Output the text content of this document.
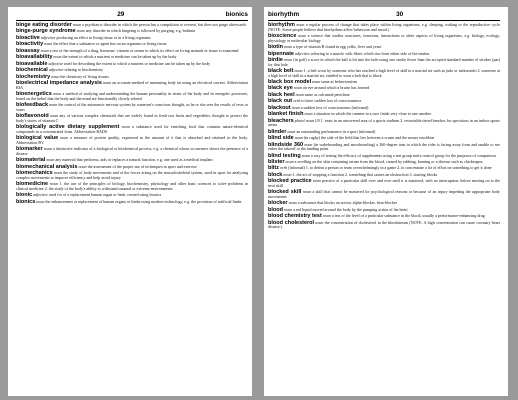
29	bionics

binge eating disorder noun a psychiatric disorder in which the person has a compulsion to overeat, but does not purge afterwards

binge-purge syndrome noun any disorder in which bingeing is followed by purging, e.g. bulimia

bioactive adjective producing an effect in living tissue or in a living organism

bioactivity noun the effect that a substance or agent has on an organism or living tissue

bioassay noun a test of the strength of a drug, hormone, vitamin or serum in which its effect on living animals or tissue is examined

bioavailability noun the extent to which a nutrient or medicine can be taken up by the body

bioavailable adjective used for describing the extent to which a nutrient or medicine can be taken up by the body

biochemical adjective relating to biochemistry

biochemistry noun the chemistry of living tissues

bioelectrical impedance analysis noun an accurate method of measuring body fat using an electrical current. Abbreviation BIA

bioenergetics noun a method of studying and understanding the human personality in terms of the body and its energetic processes, based on the belief that the body and the mind are functionally closely related

biofeedback noun the control of the autonomic nervous system by someone's conscious thought, as he or she sees the results of tests or scans

bioflavonoid noun any of various complex chemicals that are widely found in fresh raw fruits and vegetables, thought to protect the body's stores of vitamin C

biologically active dietary supplement noun a substance used for enriching food that contains nature-identical compounds in a concentrated form. Abbreviation BADS

biological value noun a measure of protein quality, expressed as the amount of it that is absorbed and retained in the body. Abbreviation BV

biomarker noun a distinctive indicator of a biological or biochemical process, e.g. a chemical whose occurrence shows the presence of a disease

biomaterial noun any material that performs, aids or replaces a natural function, e.g. one used as a medical implant

biomechanical analysis noun the assessment of the proper use of techniques in sport and exercise

biomechanics noun the study of body movements and of the forces acting on the musculoskeletal system, used in sport for analysing complex movements to improve efficiency and help avoid injury

biomedicine noun 1. the use of the principles of biology, biochemistry, physiology and other basic sciences to solve problems in clinical medicine 2. the study of the body's ability to withstand unusual or extreme environments

bionic adjective used for of a replacement human organ or limb, created using bionics

bionics noun the enhancement or replacement of human organs or limbs using modern technology, e.g. the provision of artificial limbs

biorhythm	30

biorhythm noun a regular process of change that takes place within living organisms, e.g. sleeping, waking or the reproductive cycle (NOTE: Some people believe that biorhythms affect behaviour and mood.)

bioscience noun a science that studies structures, functions, interactions or other aspects of living organisms, e.g. biology, ecology, physiology or molecular biology

biotin noun a type of vitamin B found in egg yolks, liver and yeast

bipennate adjective referring to a muscle with fibres which rise from either side of the tendon

birdie noun (in golf) a score in which the ball is hit into the hole using one stroke fewer than the accepted standard number of strokes (par) for that hole

black belt noun 1. a belt worn by someone who has reached a high level of skill in a martial art such as judo or taekwondo 2. someone at a high level of skill in a martial art, entitled to wear a belt that is black

black box model noun same as behaviourism

black eye noun an eye around which a bruise has formed

black heel noun same as calcaneal petechiae

black out verb to have sudden loss of consciousness

blackout noun a sudden loss of consciousness (informal)

blanket finish noun a situation in which the runners in a race finish very close to one another

bleachers plural noun US 1. seats in an uncovered area of a sports stadium 2. retractable tiered benches for spectators in an indoor sports arena

blinder noun an outstanding performance in a sport (informal)

blind side noun (in rugby) the side of the field that lies between a scrum and the nearer touchline

blindside 360 noun (in wakeboarding and snowboarding) a 360-degree turn in which the rider is facing away from and unable to see either the takeoff or the landing point

blind testing noun a way of testing the efficacy of supplements using a test group and a control group for the purposes of comparison

blister noun a swelling on the skin containing serum from the blood, caused by rubbing, burning or a disease such as chickenpox

blitz verb (informal) 1. to defeat a person or team overwhelmingly in a game 2. to concentrate a lot of effort on something to get it done

block noun 1. the act of stopping a function 2. something that causes an obstruction 3. starting blocks

blocked practice noun practice of a particular skill over and over until it is mastered, with no interruption, before moving on to the next skill

blocked skill noun a skill that cannot be mastered for psychological reasons or because of an injury impeding the appropriate body movements

blocker noun a substance that blocks an action. alpha-blocker, beta-blocker

blood noun a red liquid moved around the body by the pumping action of the heart

blood chemistry test noun a test of the level of a particular substance in the blood, usually a performance-enhancing drug

blood cholesterol noun the concentration of cholesterol in the bloodstream (NOTE: A high concentration can cause coronary heart disease.)
